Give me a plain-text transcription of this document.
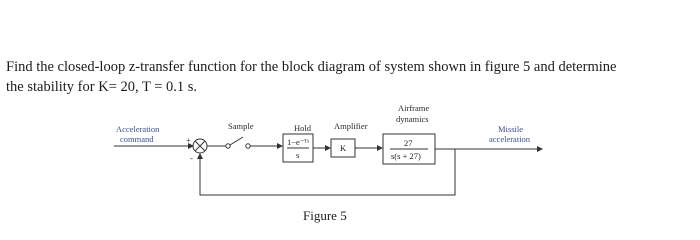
Find the closed-loop z-transfer function for the block diagram of system shown in figure 5 and determine
the stability for K= 20, T = 0.1 s.
Acceleration
command	+
-
Sample	Hold
1−e⁻ᵀˢ
s
Amplifier
K
Airframe
dynamics
27
s(s + 27)
Missile
acceleration
Figure 5
